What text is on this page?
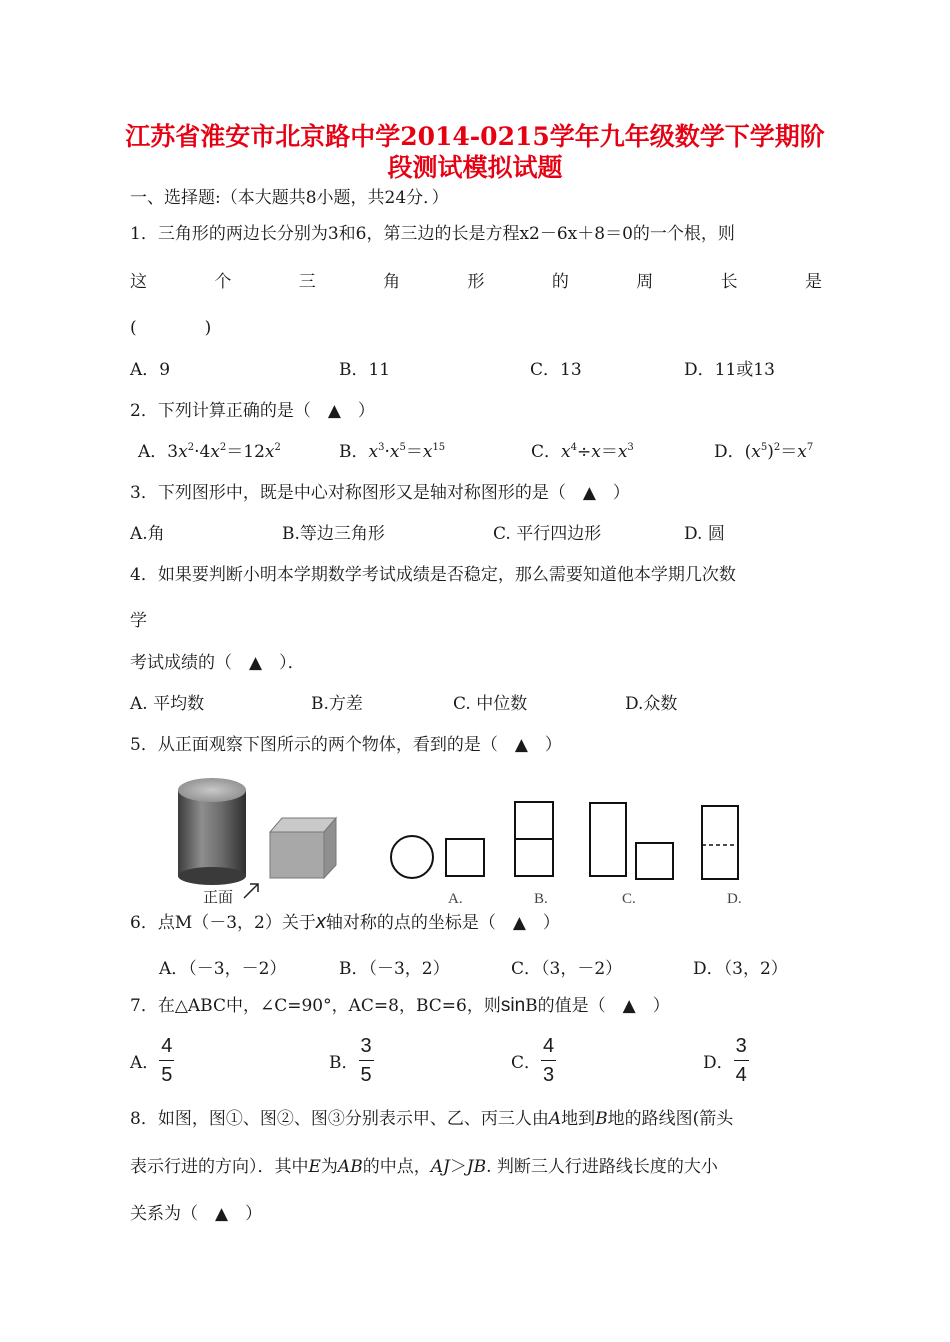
江苏省淮安市北京路中学2014-0215学年九年级数学下学期阶
段测试模拟试题
一、选择题:（本大题共8小题，共24分．）
1．三角形的两边长分别为3和6，第三边的长是方程x2－6x＋8＝0的一个根，则
这	个	三	角	形	的	周	长	是
(　　　　)
A．9	B．11	C．13	D．11或13
2．下列计算正确的是（　▲　）
A．$3x^2\cdot 4x^2=12x^2$	B．$x^3\cdot x^5=x^{15}$	C．$x^4\div x=x^3$	D．$(x^5)^2=x^7$
3．下列图形中，既是中心对称图形又是轴对称图形的是（　▲　）
A.角	B.等边三角形	C. 平行四边形	D. 圆
4．如果要判断小明本学期数学考试成绩是否稳定，那么需要知道他本学期几次数
学
考试成绩的（　▲　）．
A. 平均数	B.方差	C. 中位数	D.众数
5．从正面观察下图所示的两个物体，看到的是（　▲　）
正面	A.	B.	C.	D.
6．点M（－3，2）关于x轴对称的点的坐标是（　▲　）
A．（－3，－2）	B．（－3，2）	C．（3，－2）	D．（3，2）
7．在△ABC中，∠C=90°，AC=8，BC=6，则sinB的值是（　▲　）
A． $\frac{4}{5}$	B． $\frac{3}{5}$	C． $\frac{4}{3}$	D． $\frac{3}{4}$
8．如图，图①、图②、图③分别表示甲、乙、丙三人由A地到B地的路线图(箭头
表示行进的方向）．其中E为AB的中点，AJ＞JB. 判断三人行进路线长度的大小
关系为（　▲　）
